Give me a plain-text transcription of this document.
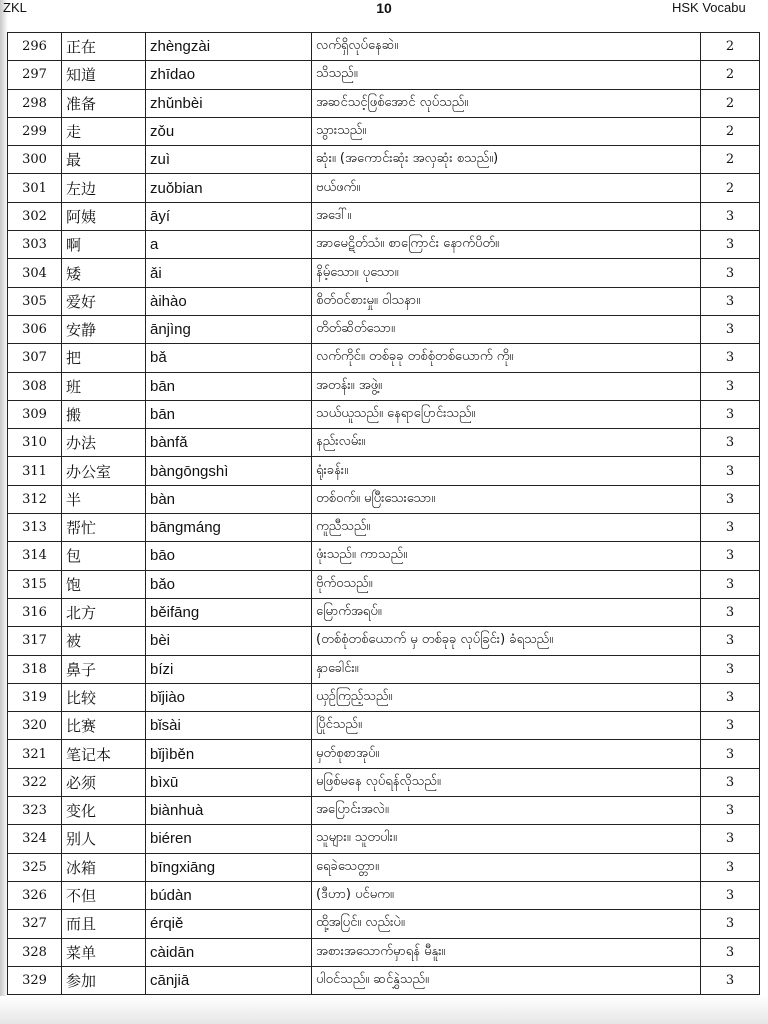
ZKL	10	HSK Vocabu
296	正在	zhèngzài	လက်ရှိလုပ်နေဆဲ။	2
297	知道	zhīdao	သိသည်။	2
298	准备	zhǔnbèi	အဆင်သင့်ဖြစ်အောင် လုပ်သည်။	2
299	走	zǒu	သွားသည်။	2
300	最	zuì	ဆုံး။ (အကောင်းဆုံး အလှဆုံး စသည်။)	2
301	左边	zuǒbian	ဗယ်ဖက်။	2
302	阿姨	āyí	အဒေါ်။	3
303	啊	a	အာမေဋိတ်သံ။ စာကြောင်း နောက်ပိတ်။	3
304	矮	ǎi	နိမ့်သော။ ပုသော။	3
305	爱好	àihào	စိတ်ဝင်စားမှု။ ဝါသနာ။	3
306	安静	ānjìng	တိတ်ဆိတ်သော။	3
307	把	bǎ	လက်ကိုင်။ တစ်ခုခု တစ်စုံတစ်ယောက် ကို။	3
308	班	bān	အတန်း။ အဖွဲ့။	3
309	搬	bān	သယ်ယူသည်။ နေရာပြောင်းသည်။	3
310	办法	bànfǎ	နည်းလမ်း။	3
311	办公室	bàngōngshì	ရုံးခန်း။	3
312	半	bàn	တစ်ဝက်။ မပြီးသေးသော။	3
313	帮忙	bāngmáng	ကူညီသည်။	3
314	包	bāo	ဖုံးသည်။ ကာသည်။	3
315	饱	bǎo	ဗိုက်ဝသည်။	3
316	北方	běifāng	မြောက်အရပ်။	3
317	被	bèi	(တစ်စုံတစ်ယောက် မှ တစ်ခုခု လုပ်ခြင်း) ခံရသည်။	3
318	鼻子	bízi	နှာခေါင်း။	3
319	比较	bǐjiào	ယှဉ်ကြည့်သည်။	3
320	比赛	bǐsài	ပြိုင်သည်။	3
321	笔记本	bǐjìběn	မှတ်စုစာအုပ်။	3
322	必须	bìxū	မဖြစ်မနေ လုပ်ရန်လိုသည်။	3
323	变化	biànhuà	အပြောင်းအလဲ။	3
324	别人	biéren	သူများ။ သူတပါး။	3
325	冰箱	bīngxiāng	ရေခဲသေတ္တာ။	3
326	不但	búdàn	(ဒီဟာ) ပင်မက။	3
327	而且	érqiě	ထို့အပြင်။ လည်းပဲ။	3
328	菜单	càidān	အစားအသောက်မှာရန် မီနူး။	3
329	参加	cānjiā	ပါဝင်သည်။ ဆင်နွှဲသည်။	3
